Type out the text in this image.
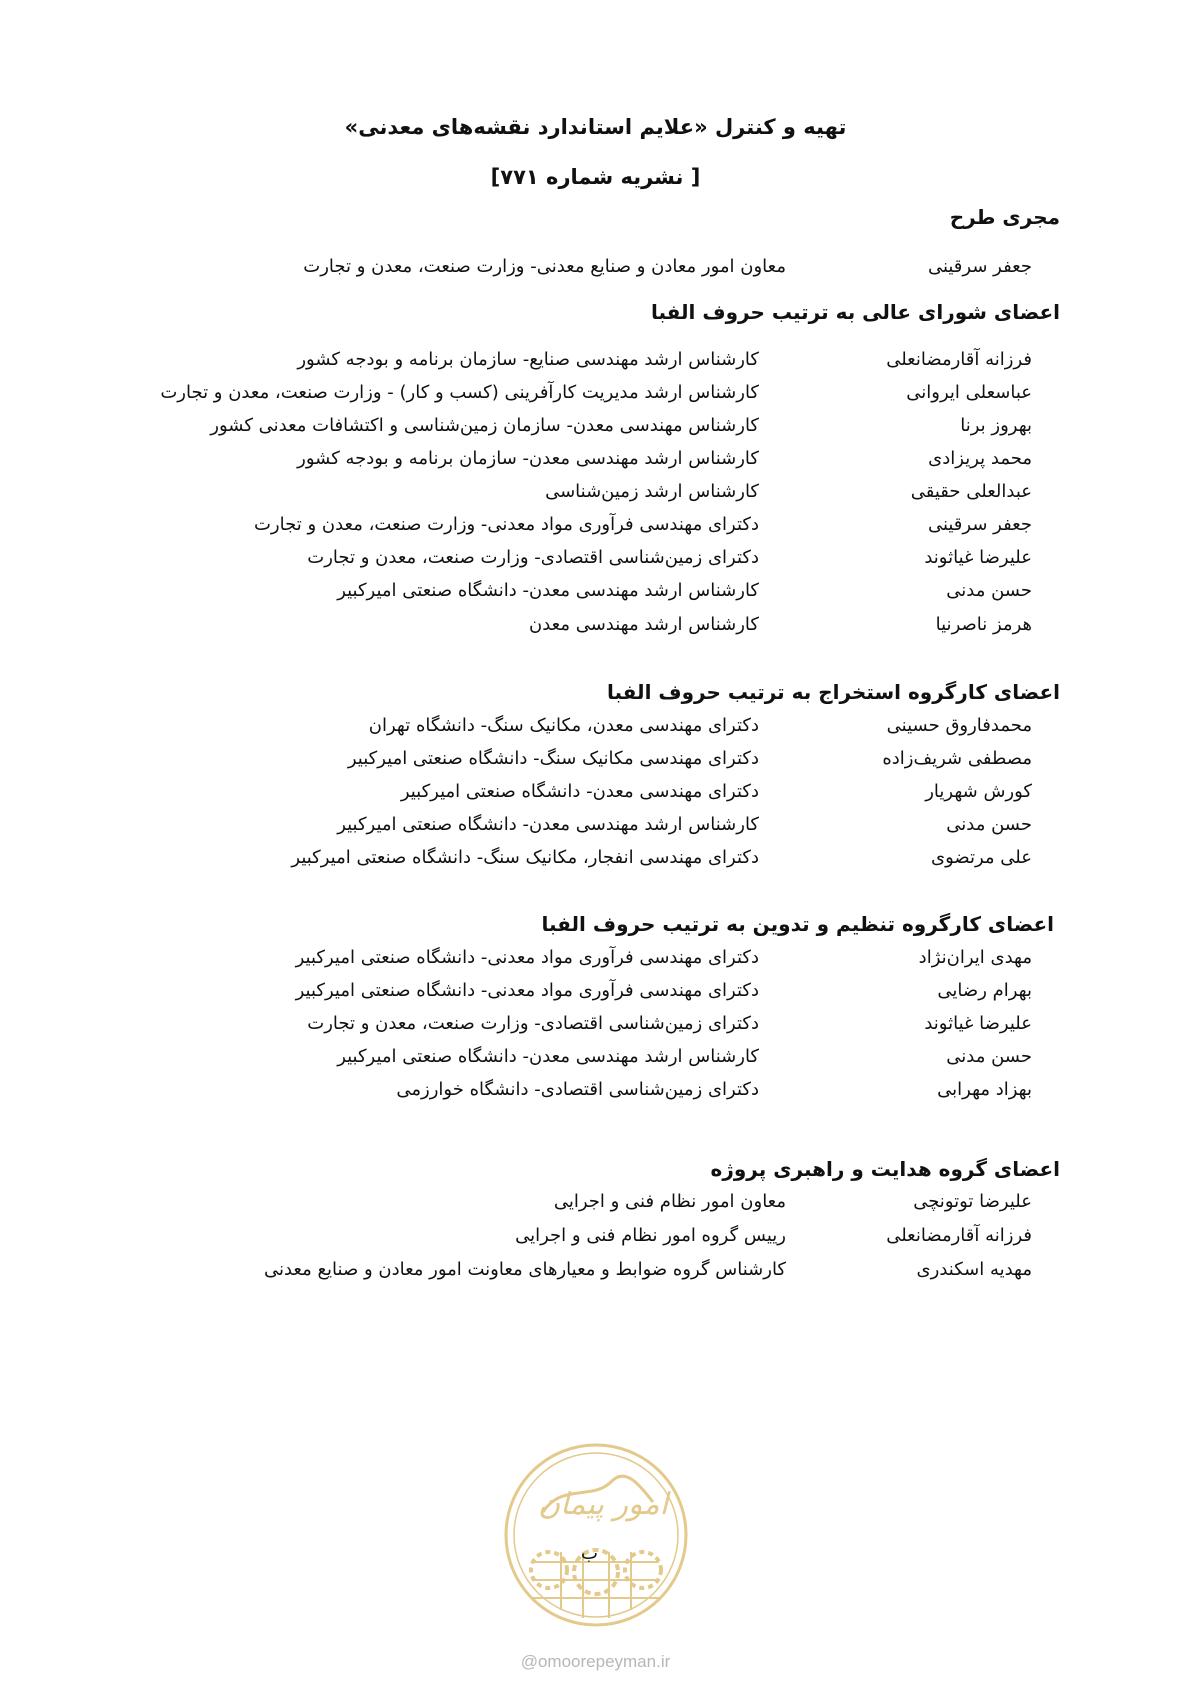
تهیه و کنترل «علایم استاندارد نقشه‌های معدنی»
[ نشریه شماره ۷۷۱]
مجری طرح
جعفر سرقینی
معاون امور معادن و صنایع معدنی- وزارت صنعت، معدن و تجارت
اعضای شورای عالی به ترتیب حروف الفبا
فرزانه آقارمضانعلی
کارشناس ارشد مهندسی صنایع- سازمان برنامه و بودجه کشور
عباسعلی ایروانی
کارشناس ارشد مدیریت کارآفرینی (کسب و کار) - وزارت صنعت، معدن و تجارت
بهروز برنا
کارشناس مهندسی معدن- سازمان زمین‌شناسی و اکتشافات معدنی کشور
محمد پریزادی
کارشناس ارشد مهندسی معدن- سازمان برنامه و بودجه کشور
عبدالعلی حقیقی
کارشناس ارشد زمین‌شناسی
جعفر سرقینی
دکترای مهندسی فرآوری مواد معدنی- وزارت صنعت، معدن و تجارت
علیرضا غیاثوند
دکترای زمین‌شناسی اقتصادی- وزارت صنعت، معدن و تجارت
حسن مدنی
کارشناس ارشد مهندسی معدن- دانشگاه صنعتی امیرکبیر
هرمز ناصرنیا
کارشناس ارشد مهندسی معدن
اعضای کارگروه استخراج به ترتیب حروف الفبا
محمدفاروق حسینی
دکترای مهندسی معدن، مکانیک سنگ- دانشگاه تهران
مصطفی شریف‌زاده
دکترای مهندسی مکانیک سنگ- دانشگاه صنعتی امیرکبیر
کورش شهریار
دکترای مهندسی معدن- دانشگاه صنعتی امیرکبیر
حسن مدنی
کارشناس ارشد مهندسی معدن- دانشگاه صنعتی امیرکبیر
علی مرتضوی
دکترای مهندسی انفجار، مکانیک سنگ- دانشگاه صنعتی امیرکبیر
اعضای کارگروه تنظیم و تدوین به ترتیب حروف الفبا
مهدی ایران‌نژاد
دکترای مهندسی فرآوری مواد معدنی- دانشگاه صنعتی امیرکبیر
بهرام رضایی
دکترای مهندسی فرآوری مواد معدنی- دانشگاه صنعتی امیرکبیر
علیرضا غیاثوند
دکترای زمین‌شناسی اقتصادی- وزارت صنعت، معدن و تجارت
حسن مدنی
کارشناس ارشد مهندسی معدن- دانشگاه صنعتی امیرکبیر
بهزاد مهرابی
دکترای زمین‌شناسی اقتصادی- دانشگاه خوارزمی
اعضای گروه هدایت و راهبری پروژه
علیرضا توتونچی
معاون امور نظام فنی و اجرایی
فرزانه آقارمضانعلی
رییس گروه امور نظام فنی و اجرایی
مهدیه اسکندری
کارشناس گروه ضوابط و معیارهای معاونت امور معادن و صنایع معدنی
امور پیمان
ب
@omoorepeyman.ir
